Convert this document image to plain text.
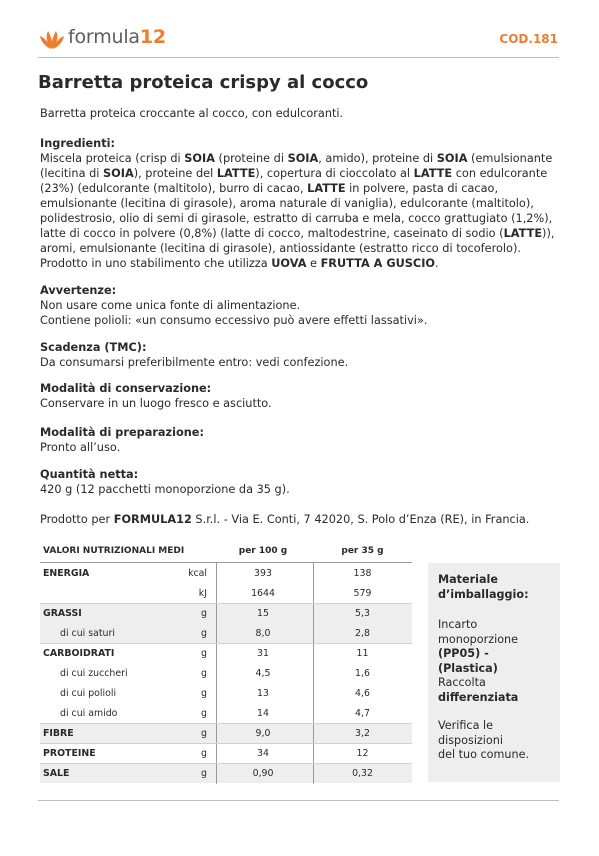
formula12	COD.181
Barretta proteica crispy al cocco

Barretta proteica croccante al cocco, con edulcoranti.

Ingredienti:

Miscela proteica (crisp di SOIA (proteine di SOIA, amido), proteine di SOIA (emulsionante
(lecitina di SOIA), proteine del LATTE), copertura di cioccolato al LATTE con edulcorante
(23%) (edulcorante (maltitolo), burro di cacao, LATTE in polvere, pasta di cacao,
emulsionante (lecitina di girasole), aroma naturale di vaniglia), edulcorante (maltitolo),
polidestrosio, olio di semi di girasole, estratto di carruba e mela, cocco grattugiato (1,2%),
latte di cocco in polvere (0,8%) (latte di cocco, maltodestrine, caseinato di sodio (LATTE)),
aromi, emulsionante (lecitina di girasole), antiossidante (estratto ricco di tocoferolo).
Prodotto in uno stabilimento che utilizza UOVA e FRUTTA A GUSCIO.

Avvertenze:

Non usare come unica fonte di alimentazione.

Contiene polioli: «un consumo eccessivo può avere effetti lassativi».

Scadenza (TMC):

Da consumarsi preferibilmente entro: vedi confezione.

Modalità di conservazione:

Conservare in un luogo fresco e asciutto.

Modalità di preparazione:

Pronto all’uso.

Quantità netta:

420 g (12 pacchetti monoporzione da 35 g).

Prodotto per FORMULA12 S.r.l. - Via E. Conti, 7 42020, S. Polo d’Enza (RE), in Francia.

VALORI NUTRIZIONALI MEDI	per 100 g	per 35 g
ENERGIA	kcal	393	138
kJ	1644	579
GRASSI	g	15	5,3
di cui saturi	g	8,0	2,8
CARBOIDRATI	g	31	11
di cui zuccheri	g	4,5	1,6
di cui polioli	g	13	4,6
di cui amido	g	14	4,7
FIBRE	g	9,0	3,2
PROTEINE	g	34	12
SALE	g	0,90	0,32

Materiale
d’imballaggio:

Incarto
monoporzione
(PP05) - (Plastica)
Raccolta
differenziata

Verifica le
disposizioni
del tuo comune.
